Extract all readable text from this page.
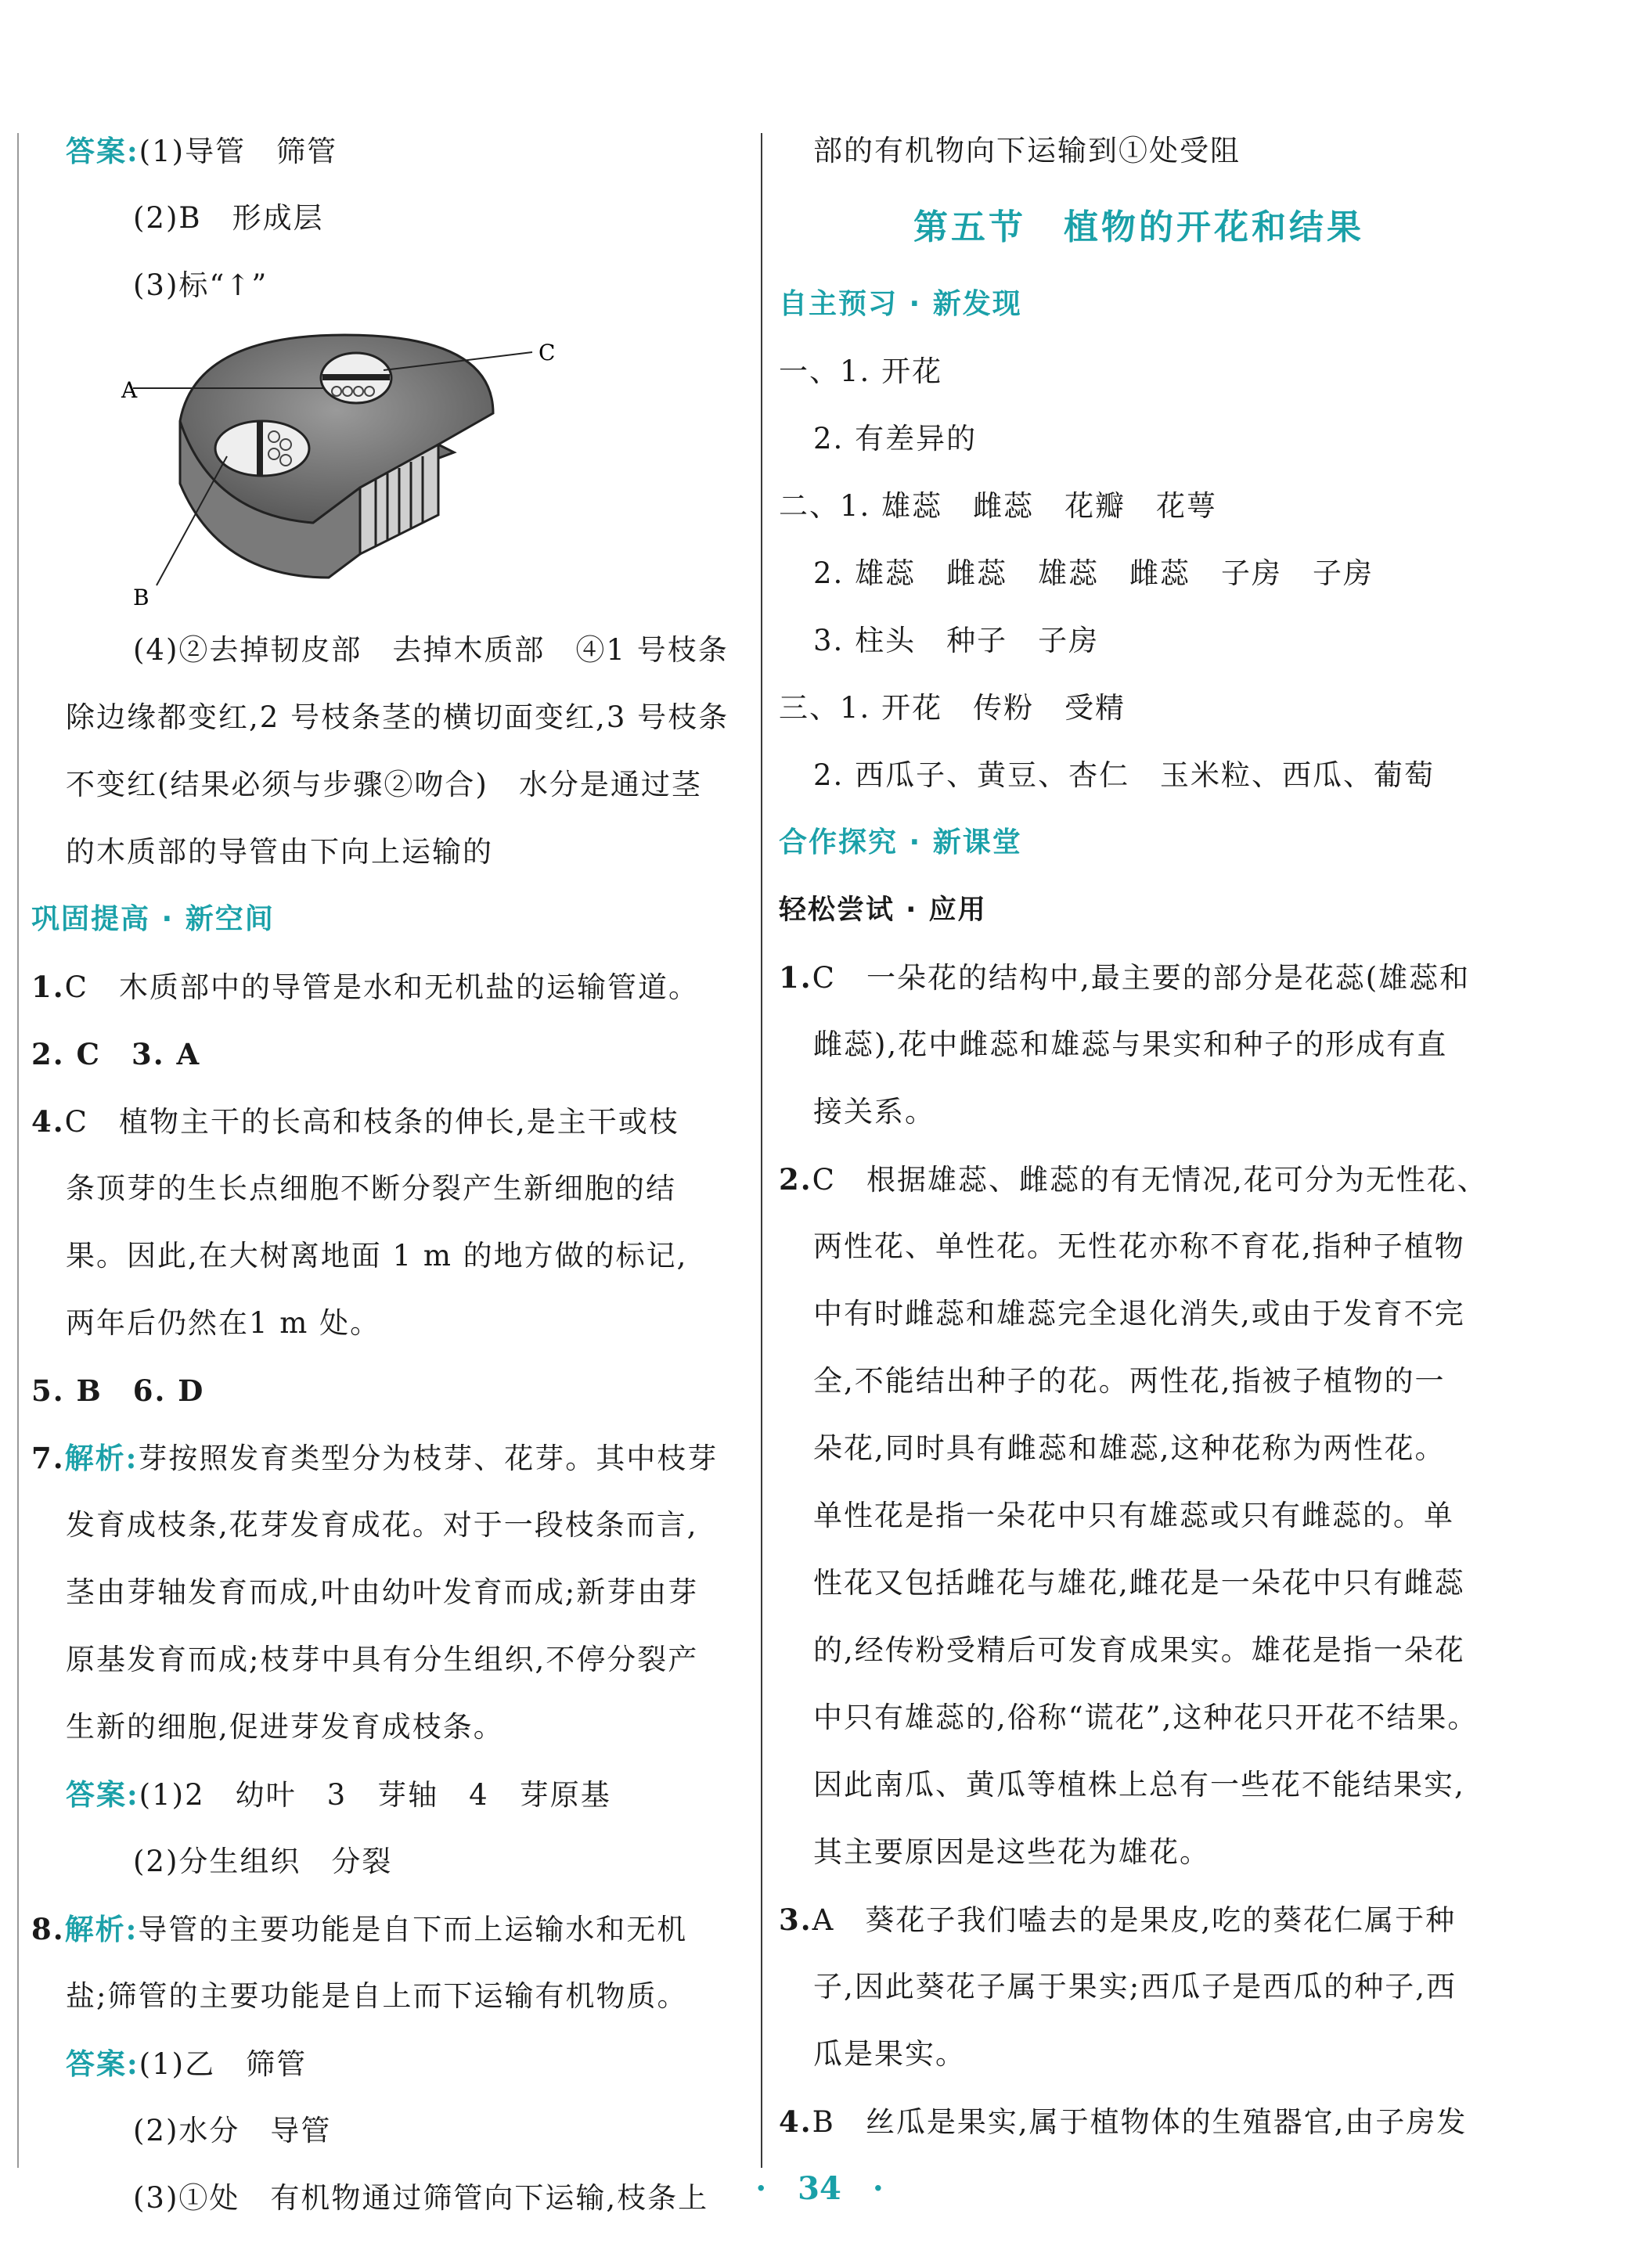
答案:(1)导管　筛管
(2)B　形成层
(3)标“↑”
A
C
B
(4)②去掉韧皮部　去掉木质部　④1 号枝条
除边缘都变红,2 号枝条茎的横切面变红,3 号枝条
不变红(结果必须与步骤②吻合)　水分是通过茎
的木质部的导管由下向上运输的
巩固提高 · 新空间
1.C　木质部中的导管是水和无机盐的运输管道。
2. C　3. A
4.C　植物主干的长高和枝条的伸长,是主干或枝
条顶芽的生长点细胞不断分裂产生新细胞的结
果。因此,在大树离地面 1 m 的地方做的标记,
两年后仍然在1 m 处。
5. B　6. D
7.解析:芽按照发育类型分为枝芽、花芽。其中枝芽
发育成枝条,花芽发育成花。对于一段枝条而言,
茎由芽轴发育而成,叶由幼叶发育而成;新芽由芽
原基发育而成;枝芽中具有分生组织,不停分裂产
生新的细胞,促进芽发育成枝条。
答案:(1)2　幼叶　3　芽轴　4　芽原基
(2)分生组织　分裂
8.解析:导管的主要功能是自下而上运输水和无机
盐;筛管的主要功能是自上而下运输有机物质。
答案:(1)乙　筛管
(2)水分　导管
(3)①处　有机物通过筛管向下运输,枝条上
部的有机物向下运输到①处受阻
第五节　植物的开花和结果
自主预习 · 新发现
一、1. 开花
2. 有差异的
二、1. 雄蕊　雌蕊　花瓣　花萼
2. 雄蕊　雌蕊　雄蕊　雌蕊　子房　子房
3. 柱头　种子　子房
三、1. 开花　传粉　受精
2. 西瓜子、黄豆、杏仁　玉米粒、西瓜、葡萄
合作探究 · 新课堂
轻松尝试 · 应用
1.C　一朵花的结构中,最主要的部分是花蕊(雄蕊和
雌蕊),花中雌蕊和雄蕊与果实和种子的形成有直
接关系。
2.C　根据雄蕊、雌蕊的有无情况,花可分为无性花、
两性花、单性花。无性花亦称不育花,指种子植物
中有时雌蕊和雄蕊完全退化消失,或由于发育不完
全,不能结出种子的花。两性花,指被子植物的一
朵花,同时具有雌蕊和雄蕊,这种花称为两性花。
单性花是指一朵花中只有雄蕊或只有雌蕊的。单
性花又包括雌花与雄花,雌花是一朵花中只有雌蕊
的,经传粉受精后可发育成果实。雄花是指一朵花
中只有雄蕊的,俗称“谎花”,这种花只开花不结果。
因此南瓜、黄瓜等植株上总有一些花不能结果实,
其主要原因是这些花为雄花。
3.A　葵花子我们嗑去的是果皮,吃的葵花仁属于种
子,因此葵花子属于果实;西瓜子是西瓜的种子,西
瓜是果实。
4.B　丝瓜是果实,属于植物体的生殖器官,由子房发
·　34　·
